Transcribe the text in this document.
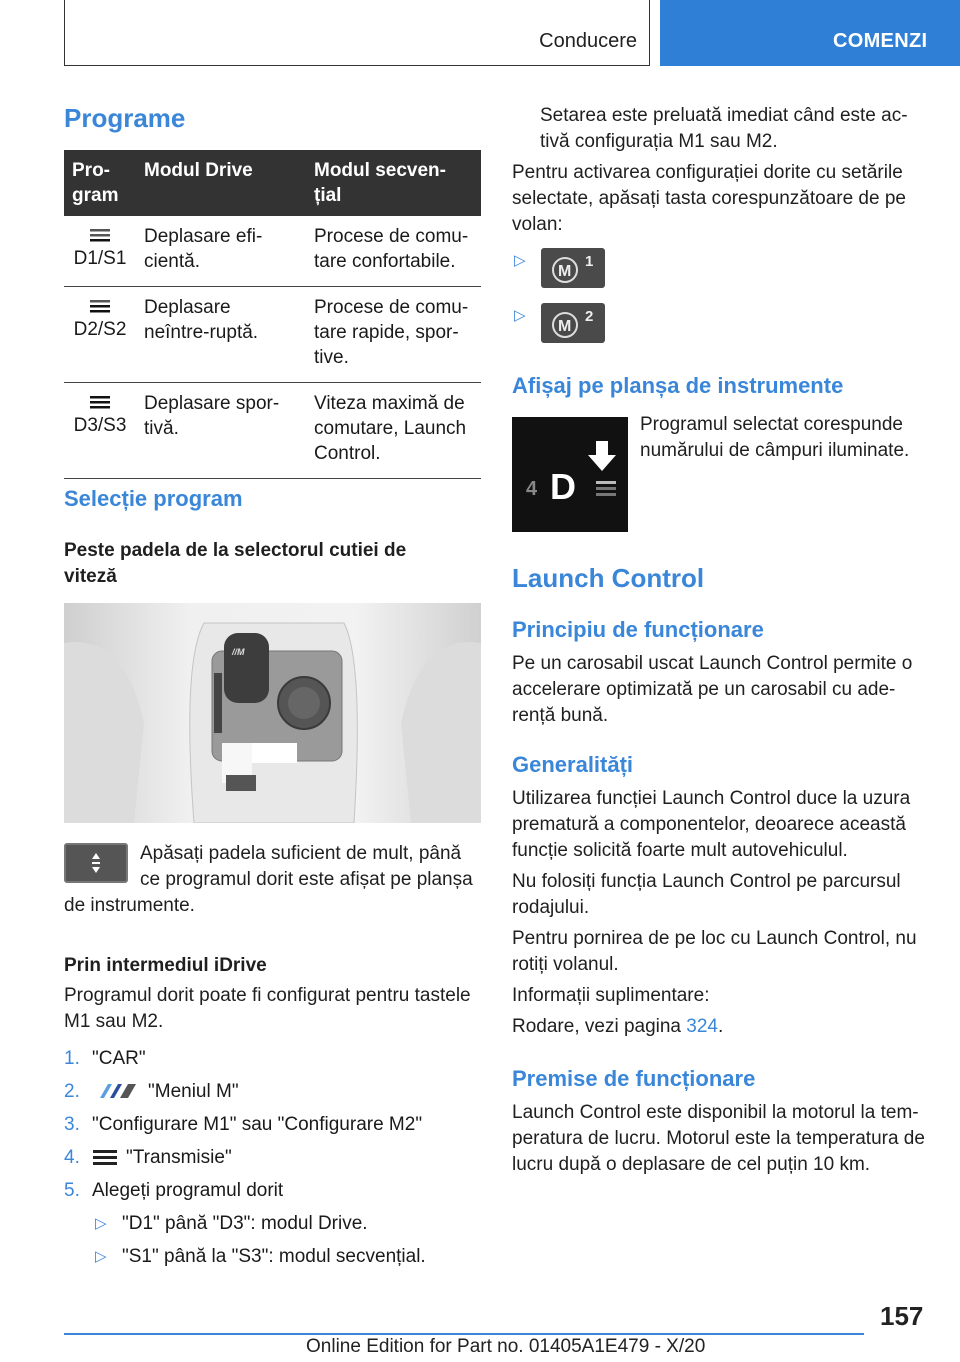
Conducere	COMENZI
Programe
Pro-gram	Modul Drive	Modul secven-țial

D1/S1	Deplasare efi-cientă.	Procese de comu-tare confortabile.

D2/S2	Deplasare neîntre-ruptă.	Procese de comu-tare rapide, spor-tive.

D3/S3	Deplasare spor-tivă.	Viteza maximă de comutare, Launch Control.
Selecție program
Peste padela de la selectorul cutiei de viteză
//M
Apăsați padela suficient de mult, până
ce programul dorit este afișat pe planșa
de instrumente.
Prin intermediul iDrive
Programul dorit poate fi configurat pentru tastele M1 sau M2.
1. "CAR"
2.	"Meniul M"
3. "Configurare M1" sau "Configurare M2"
4. "Transmisie"
5. Alegeți programul dorit
▷ "D1" până "D3": modul Drive.
▷ "S1" până la "S3": modul secvențial.
Setarea este preluată imediat când este ac-
tivă configurația M1 sau M2.
Pentru activarea configurației dorite cu setările selectate, apăsați tasta corespunzătoare de pe volan:
▷
M
1
▷
M
2
Afișaj pe planșa de instrumente
4 D
Programul selectat corespunde numărului de câmpuri iluminate.
Launch Control
Principiu de funcționare
Pe un carosabil uscat Launch Control permite o accelerare optimizată pe un carosabil cu ade-rență bună.
Generalități
Utilizarea funcției Launch Control duce la uzura prematură a componentelor, deoarece această funcție solicită foarte mult autovehiculul.
Nu folosiți funcția Launch Control pe parcursul rodajului.
Pentru pornirea de pe loc cu Launch Control, nu rotiți volanul.
Informații suplimentare:
Rodare, vezi pagina 324.
Premise de funcționare
Launch Control este disponibil la motorul la tem-peratura de lucru. Motorul este la temperatura de lucru după o deplasare de cel puțin 10 km.
157
Online Edition for Part no. 01405A1E479 - X/20
